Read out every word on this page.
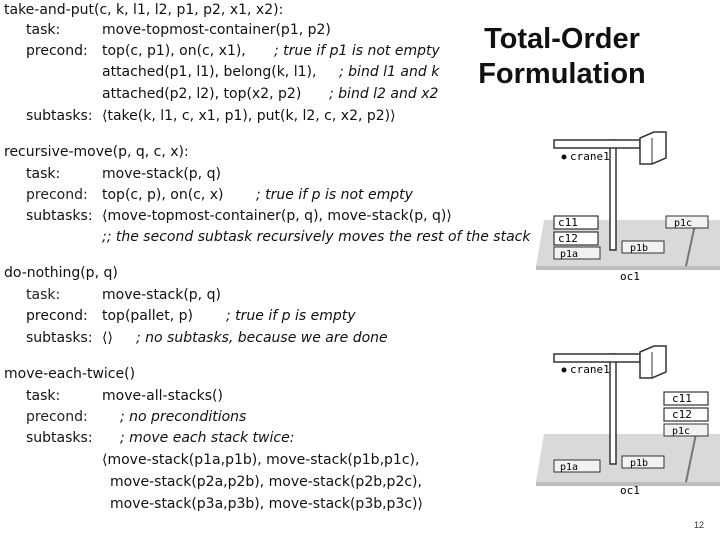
Total-Order
Formulation
take-and-put(c, k, l1, l2, p1, p2, x1, x2):
task:	move-topmost-container(p1, p2)
precond: top(c, p1), on(c, x1), ; true if p1 is not empty
attached(p1, l1), belong(k, l1), ; bind l1 and k
attached(p2, l2), top(x2, p2) ; bind l2 and x2
subtasks: ⟨take(k, l1, c, x1, p1), put(k, l2, c, x2, p2)⟩
recursive-move(p, q, c, x):
task:	move-stack(p, q)
precond: top(c, p), on(c, x) ; true if p is not empty
subtasks: ⟨move-topmost-container(p, q), move-stack(p, q)⟩
;; the second subtask recursively moves the rest of the stack
do-nothing(p, q)
task:	move-stack(p, q)
precond: top(pallet, p) ; true if p is empty
subtasks: ⟨⟩ ; no subtasks, because we are done
move-each-twice()
task:	move-all-stacks()
precond: ; no preconditions
subtasks: ; move each stack twice:
⟨move-stack(p1a,p1b), move-stack(p1b,p1c),
move-stack(p2a,p2b), move-stack(p2b,p2c),
move-stack(p3a,p3b), move-stack(p3b,p3c)⟩
crane1
c11
c12
p1a
p1b
p1c
oc1
crane1
c11
c12
p1a	p1b
p1c
oc1
12
